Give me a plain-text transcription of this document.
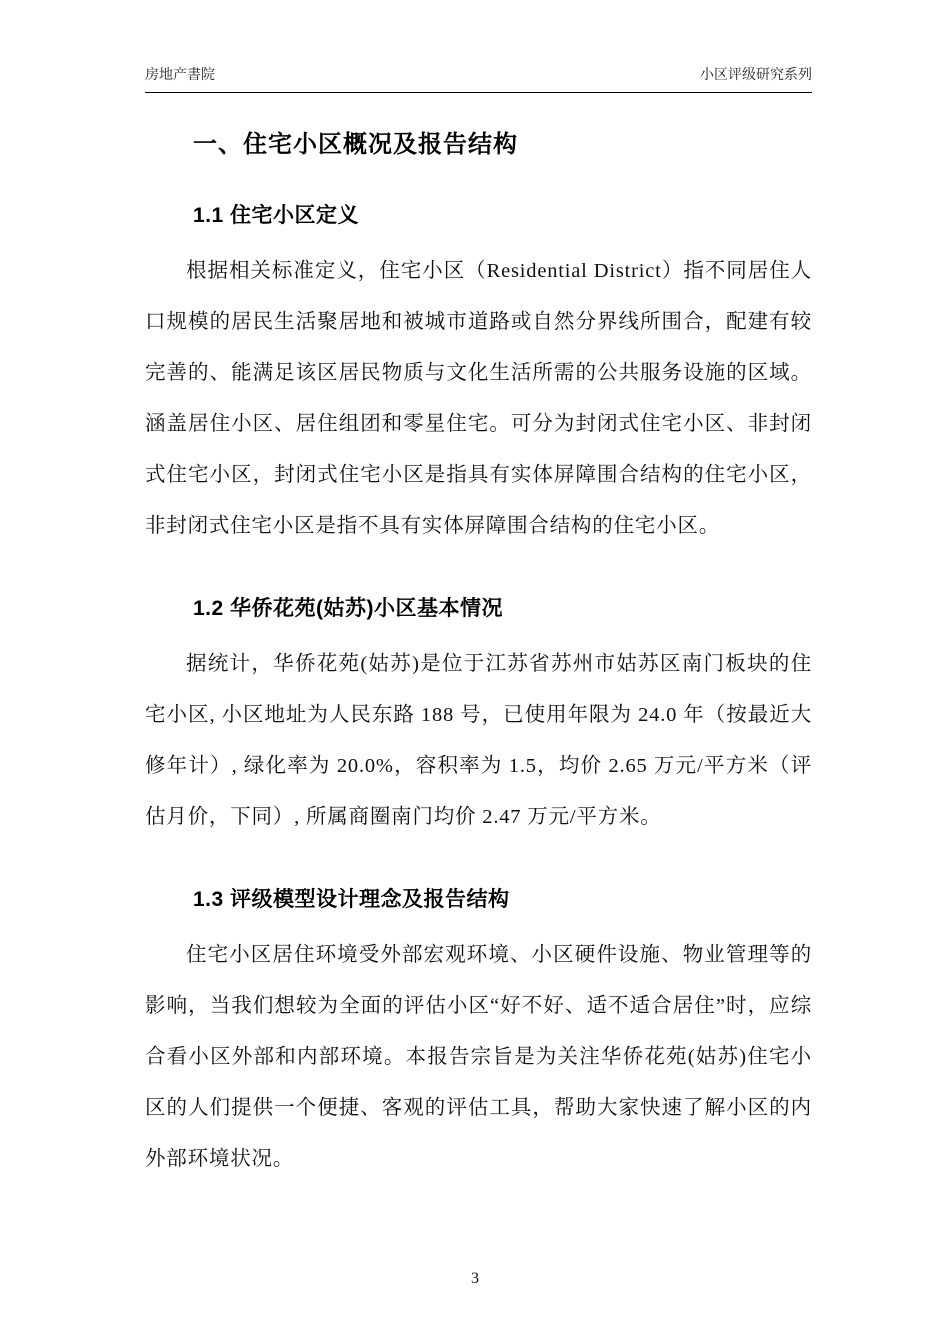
房地产書院	小区评级研究系列
一、住宅小区概况及报告结构
1.1 住宅小区定义

根据相关标准定义，住宅小区（Residential District）指不同居住人口规模的居民生活聚居地和被城市道路或自然分界线所围合，配建有较完善的、能满足该区居民物质与文化生活所需的公共服务设施的区域。涵盖居住小区、居住组团和零星住宅。可分为封闭式住宅小区、非封闭式住宅小区，封闭式住宅小区是指具有实体屏障围合结构的住宅小区，非封闭式住宅小区是指不具有实体屏障围合结构的住宅小区。

1.2 华侨花苑(姑苏)小区基本情况

据统计，华侨花苑(姑苏)是位于江苏省苏州市姑苏区南门板块的住宅小区, 小区地址为人民东路 188 号，已使用年限为 24.0 年（按最近大修年计）, 绿化率为 20.0%，容积率为 1.5，均价 2.65 万元/平方米（评估月价，下同）, 所属商圈南门均价 2.47 万元/平方米。

1.3 评级模型设计理念及报告结构

住宅小区居住环境受外部宏观环境、小区硬件设施、物业管理等的影响，当我们想较为全面的评估小区“好不好、适不适合居住”时，应综合看小区外部和内部环境。本报告宗旨是为关注华侨花苑(姑苏)住宅小区的人们提供一个便捷、客观的评估工具，帮助大家快速了解小区的内外部环境状况。

3
